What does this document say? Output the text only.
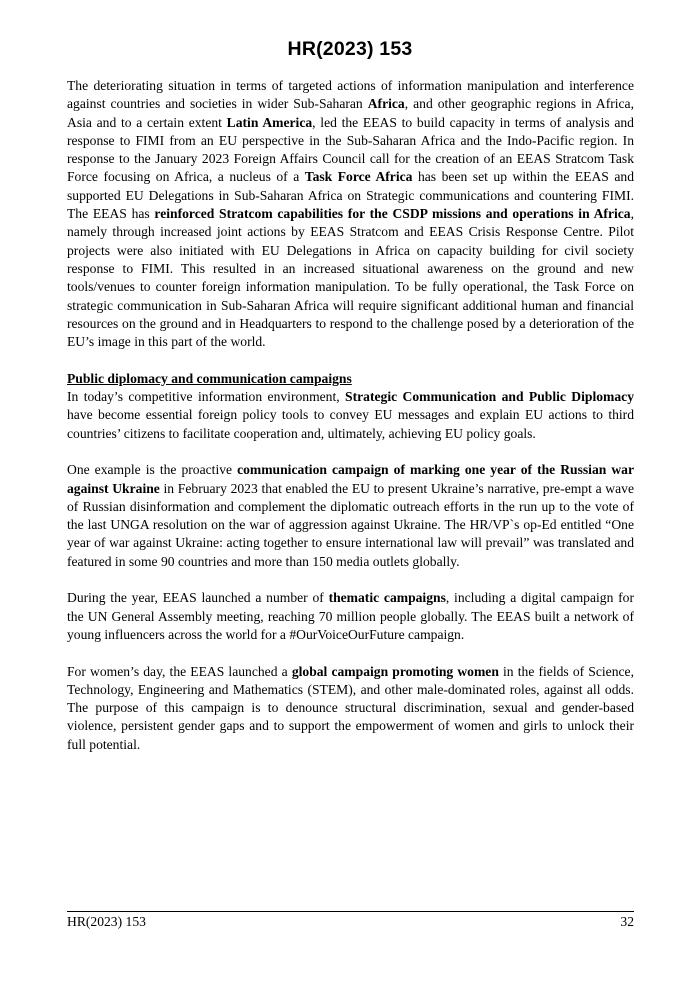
HR(2023) 153

The deteriorating situation in terms of targeted actions of information manipulation and interference against countries and societies in wider Sub-Saharan Africa, and other geographic regions in Africa, Asia and to a certain extent Latin America, led the EEAS to build capacity in terms of analysis and response to FIMI from an EU perspective in the Sub-Saharan Africa and the Indo-Pacific region. In response to the January 2023 Foreign Affairs Council call for the creation of an EEAS Stratcom Task Force focusing on Africa, a nucleus of a Task Force Africa has been set up within the EEAS and supported EU Delegations in Sub-Saharan Africa on Strategic communications and countering FIMI. The EEAS has reinforced Stratcom capabilities for the CSDP missions and operations in Africa, namely through increased joint actions by EEAS Stratcom and EEAS Crisis Response Centre. Pilot projects were also initiated with EU Delegations in Africa on capacity building for civil society response to FIMI. This resulted in an increased situational awareness on the ground and new tools/venues to counter foreign information manipulation. To be fully operational, the Task Force on strategic communication in Sub-Saharan Africa will require significant additional human and financial resources on the ground and in Headquarters to respond to the challenge posed by a deterioration of the EU’s image in this part of the world.

Public diplomacy and communication campaigns
In today’s competitive information environment, Strategic Communication and Public Diplomacy have become essential foreign policy tools to convey EU messages and explain EU actions to third countries’ citizens to facilitate cooperation and, ultimately, achieving EU policy goals.

One example is the proactive communication campaign of marking one year of the Russian war against Ukraine in February 2023 that enabled the EU to present Ukraine’s narrative, pre-empt a wave of Russian disinformation and complement the diplomatic outreach efforts in the run up to the vote of the last UNGA resolution on the war of aggression against Ukraine. The HR/VP`s op-Ed entitled “One year of war against Ukraine: acting together to ensure international law will prevail” was translated and featured in some 90 countries and more than 150 media outlets globally.

During the year, EEAS launched a number of thematic campaigns, including a digital campaign for the UN General Assembly meeting, reaching 70 million people globally. The EEAS built a network of young influencers across the world for a #OurVoiceOurFuture campaign.

For women’s day, the EEAS launched a global campaign promoting women in the fields of Science, Technology, Engineering and Mathematics (STEM), and other male-dominated roles, against all odds. The purpose of this campaign is to denounce structural discrimination, sexual and gender-based violence, persistent gender gaps and to support the empowerment of women and girls to unlock their full potential.

HR(2023) 153	32
